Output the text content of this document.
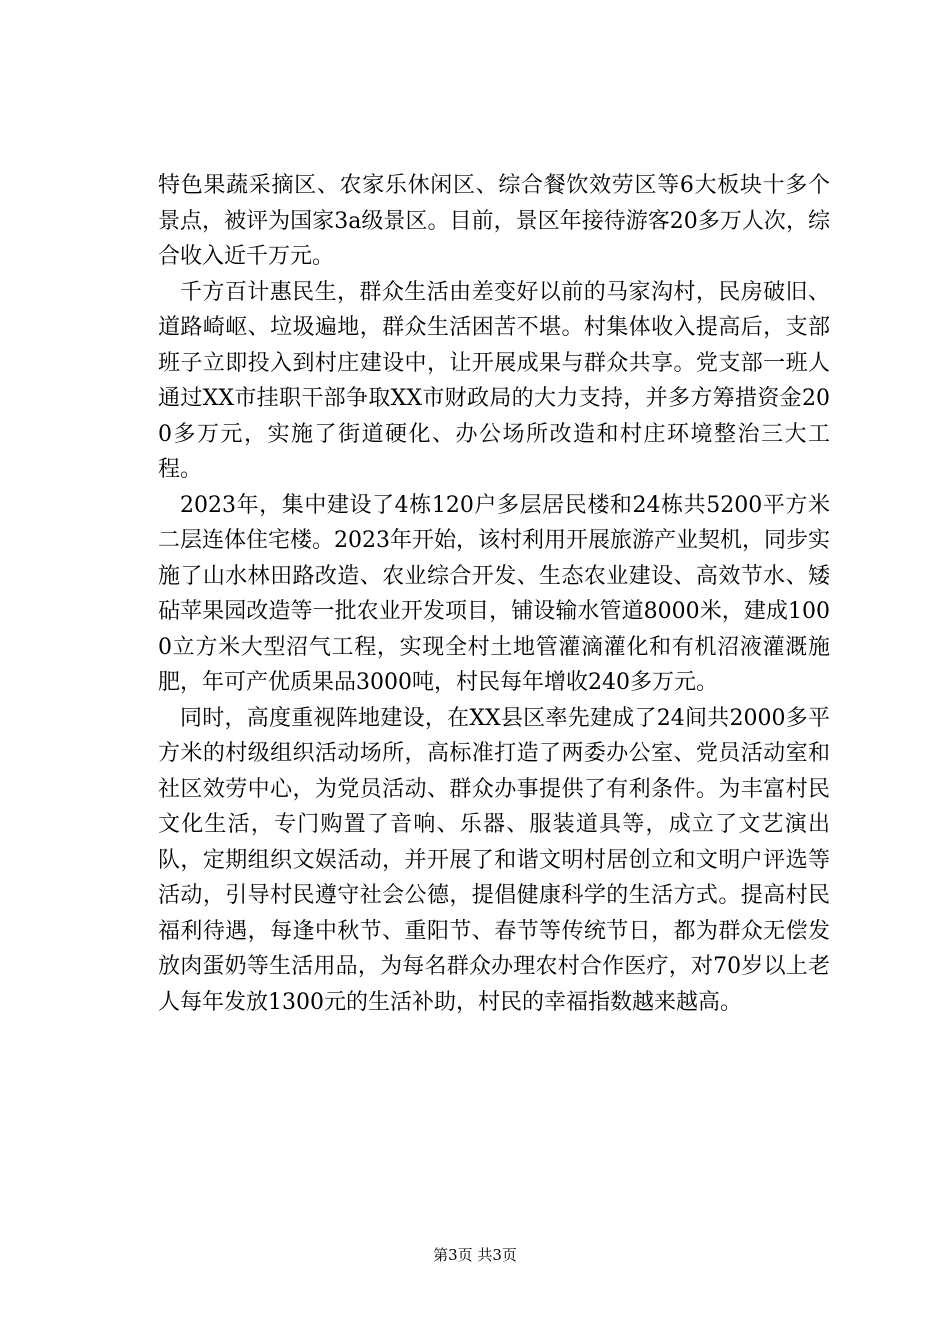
特色果蔬采摘区、农家乐休闲区、综合餐饮效劳区等6大板块十多个景点，被评为国家3a级景区。目前，景区年接待游客20多万人次，综合收入近千万元。

千方百计惠民生，群众生活由差变好以前的马家沟村，民房破旧、道路崎岖、垃圾遍地，群众生活困苦不堪。村集体收入提高后，支部班子立即投入到村庄建设中，让开展成果与群众共享。党支部一班人通过XX市挂职干部争取XX市财政局的大力支持，并多方筹措资金200多万元，实施了街道硬化、办公场所改造和村庄环境整治三大工程。

2023年，集中建设了4栋120户多层居民楼和24栋共5200平方米二层连体住宅楼。2023年开始，该村利用开展旅游产业契机，同步实施了山水林田路改造、农业综合开发、生态农业建设、高效节水、矮砧苹果园改造等一批农业开发项目，铺设输水管道8000米，建成1000立方米大型沼气工程，实现全村土地管灌滴灌化和有机沼液灌溉施肥，年可产优质果品3000吨，村民每年增收240多万元。

同时，高度重视阵地建设，在XX县区率先建成了24间共2000多平方米的村级组织活动场所，高标准打造了两委办公室、党员活动室和社区效劳中心，为党员活动、群众办事提供了有利条件。为丰富村民文化生活，专门购置了音响、乐器、服装道具等，成立了文艺演出队，定期组织文娱活动，并开展了和谐文明村居创立和文明户评选等活动，引导村民遵守社会公德，提倡健康科学的生活方式。提高村民福利待遇，每逢中秋节、重阳节、春节等传统节日，都为群众无偿发放肉蛋奶等生活用品，为每名群众办理农村合作医疗，对70岁以上老人每年发放1300元的生活补助，村民的幸福指数越来越高。

第3页 共3页
